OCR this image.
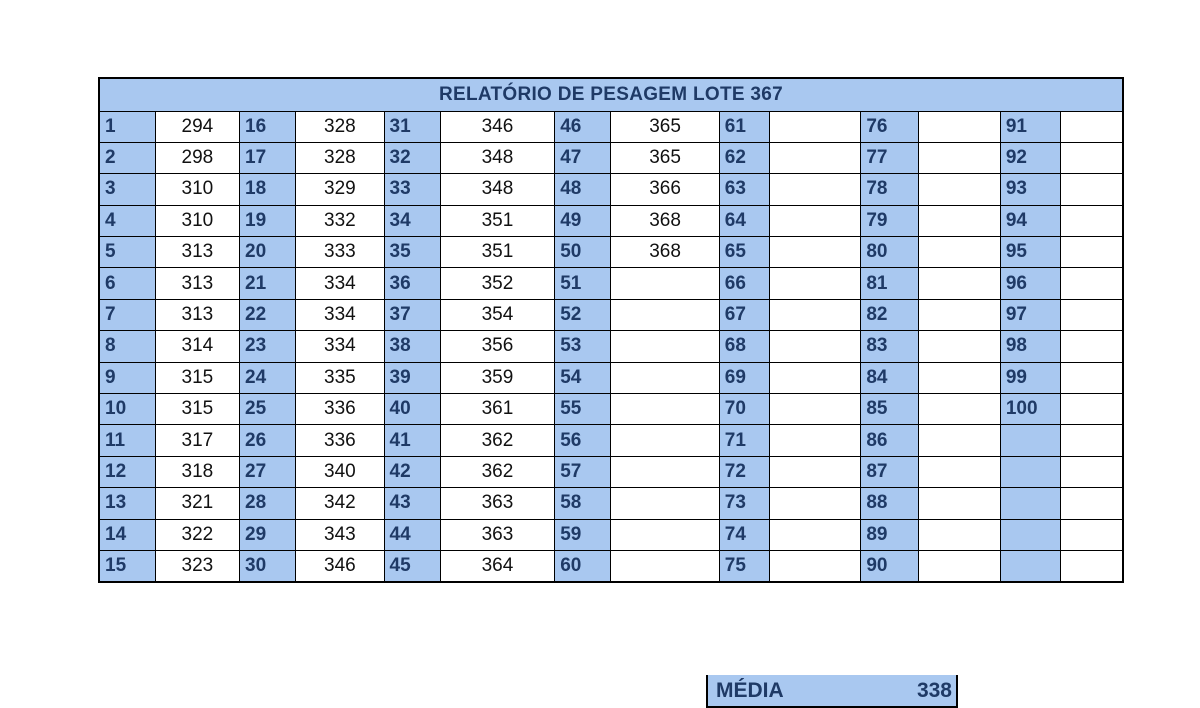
RELATÓRIO DE PESAGEM LOTE 367													
1	294	16	328	31	346	46	365	61		76		91	
2	298	17	328	32	348	47	365	62		77		92	
3	310	18	329	33	348	48	366	63		78		93	
4	310	19	332	34	351	49	368	64		79		94	
5	313	20	333	35	351	50	368	65		80		95	
6	313	21	334	36	352	51		66		81		96	
7	313	22	334	37	354	52		67		82		97	
8	314	23	334	38	356	53		68		83		98	
9	315	24	335	39	359	54		69		84		99	
10	315	25	336	40	361	55		70		85		100	
11	317	26	336	41	362	56		71		86			
12	318	27	340	42	362	57		72		87			
13	321	28	342	43	363	58		73		88			
14	322	29	343	44	363	59		74		89			
15	323	30	346	45	364	60		75		90			
MÉDIA	338
